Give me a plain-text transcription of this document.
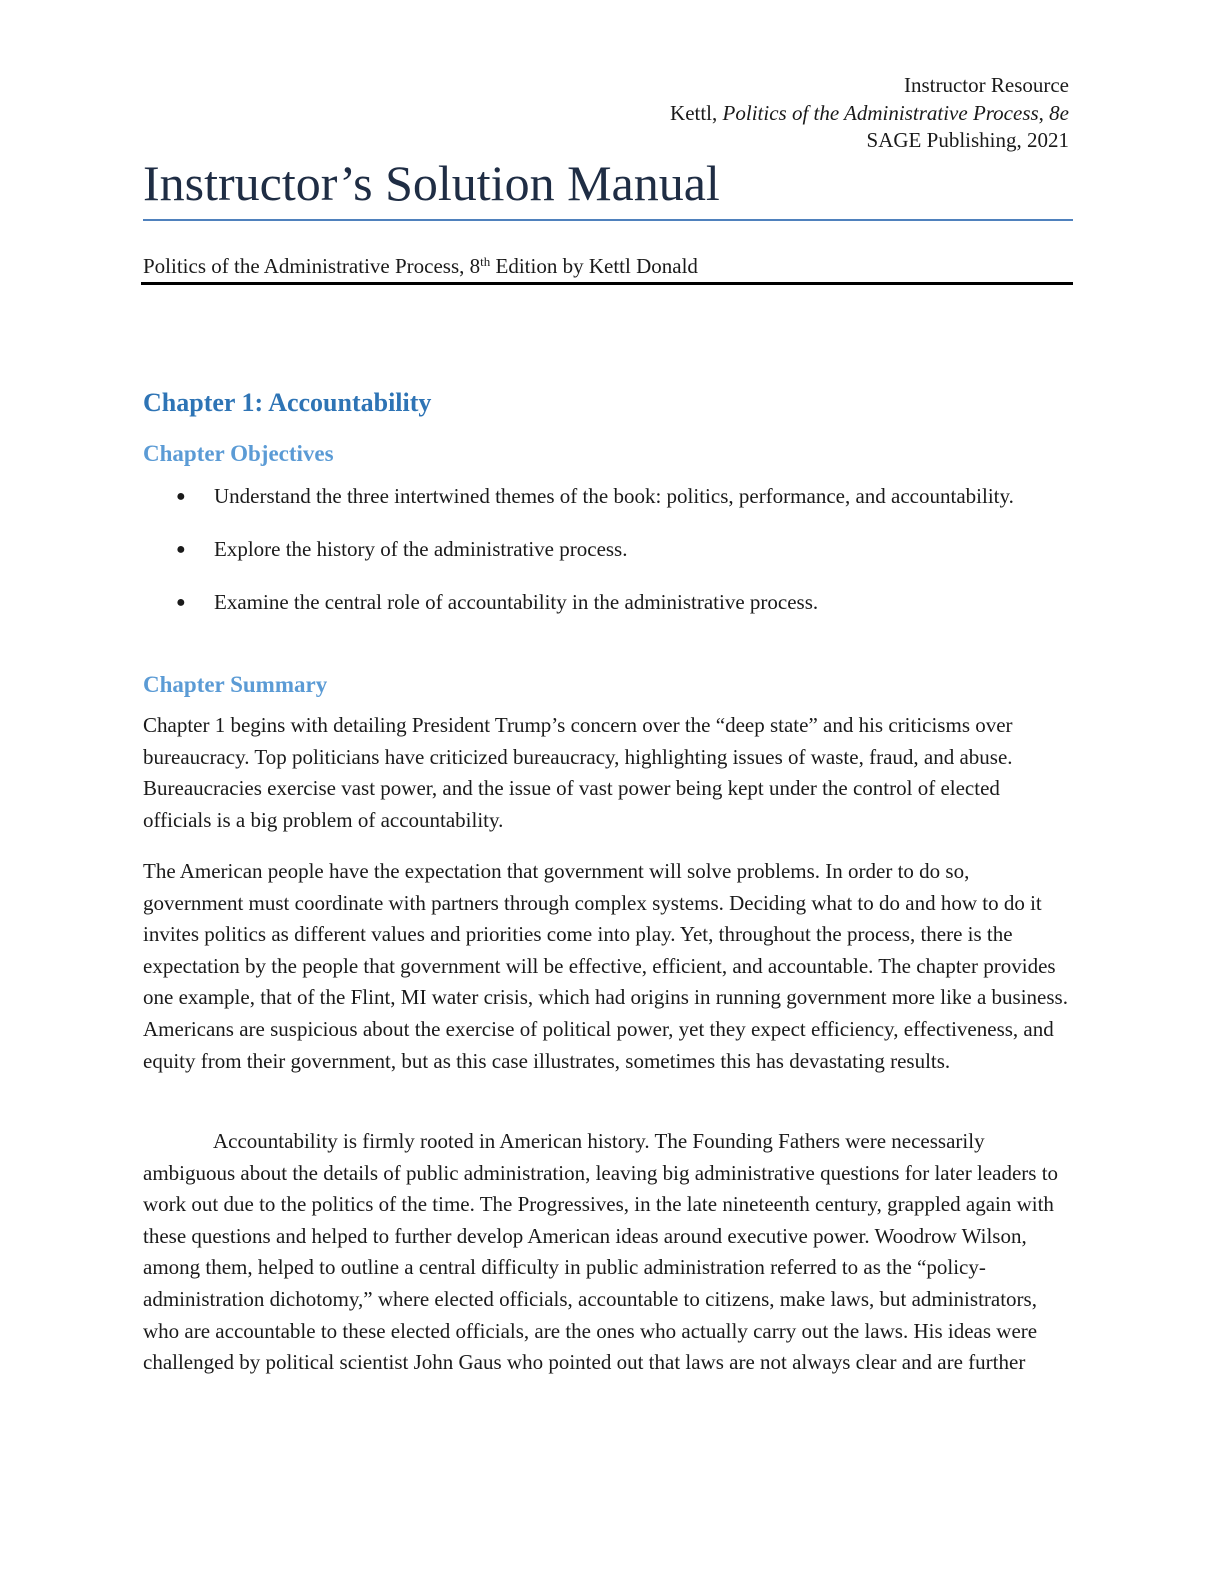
Instructor Resource
Kettl, Politics of the Administrative Process, 8e
SAGE Publishing, 2021
Instructor’s Solution Manual
Politics of the Administrative Process, 8th Edition by Kettl Donald
Chapter 1: Accountability
Chapter Objectives
● Understand the three intertwined themes of the book: politics, performance, and accountability.
● Explore the history of the administrative process.
● Examine the central role of accountability in the administrative process.
Chapter Summary

Chapter 1 begins with detailing President Trump’s concern over the “deep state” and his criticisms over bureaucracy. Top politicians have criticized bureaucracy, highlighting issues of waste, fraud, and abuse. Bureaucracies exercise vast power, and the issue of vast power being kept under the control of elected officials is a big problem of accountability.

The American people have the expectation that government will solve problems. In order to do so, government must coordinate with partners through complex systems. Deciding what to do and how to do it invites politics as different values and priorities come into play. Yet, throughout the process, there is the expectation by the people that government will be effective, efficient, and accountable. The chapter provides one example, that of the Flint, MI water crisis, which had origins in running government more like a business. Americans are suspicious about the exercise of political power, yet they expect efficiency, effectiveness, and equity from their government, but as this case illustrates, sometimes this has devastating results.

Accountability is firmly rooted in American history. The Founding Fathers were necessarily ambiguous about the details of public administration, leaving big administrative questions for later leaders to work out due to the politics of the time. The Progressives, in the late nineteenth century, grappled again with these questions and helped to further develop American ideas around executive power. Woodrow Wilson, among them, helped to outline a central difficulty in public administration referred to as the “policy-administration dichotomy,” where elected officials, accountable to citizens, make laws, but administrators, who are accountable to these elected officials, are the ones who actually carry out the laws. His ideas were challenged by political scientist John Gaus who pointed out that laws are not always clear and are further
